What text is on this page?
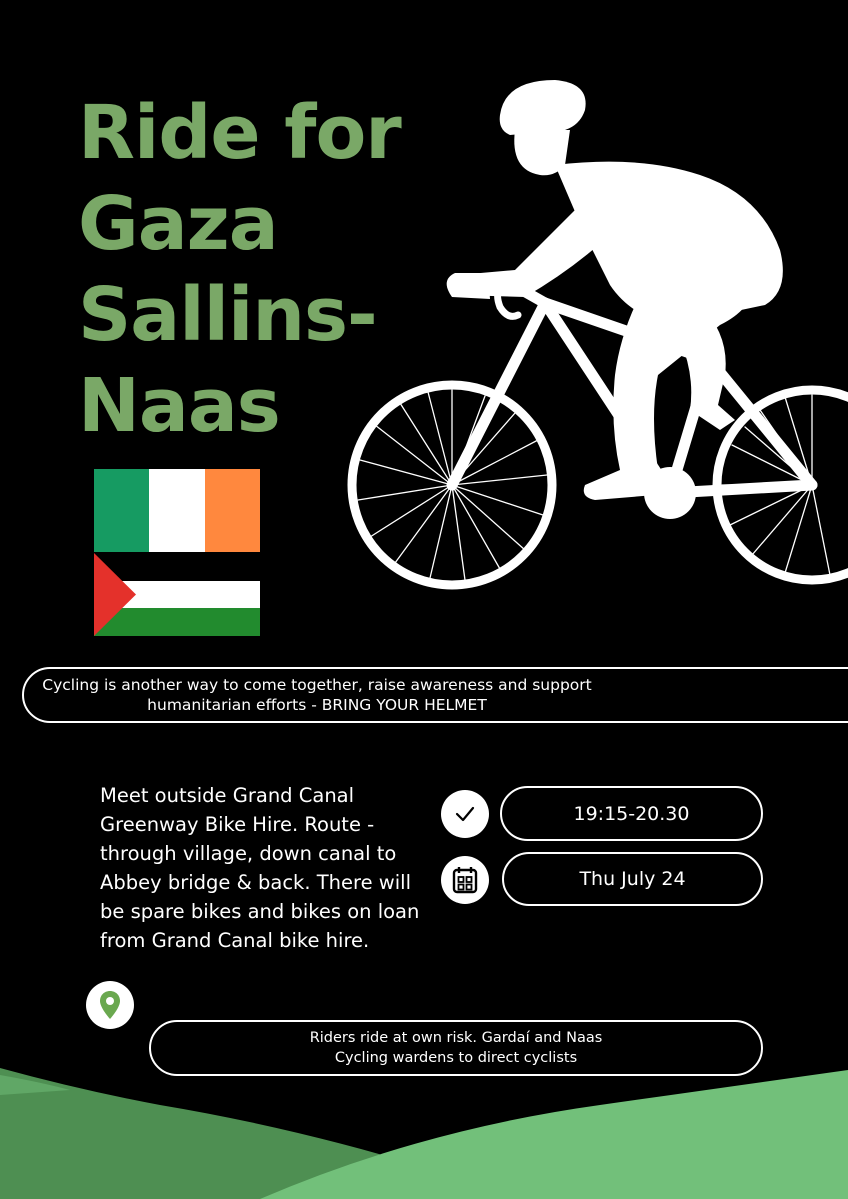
Ride for
Gaza
Sallins-
Naas
Cycling is another way to come together, raise awareness and support humanitarian efforts - BRING YOUR HELMET

Meet outside Grand Canal Greenway Bike Hire. Route - through village, down canal to Abbey bridge & back. There will be spare bikes and bikes on loan from Grand Canal bike hire.

19:15-20.30
Thu July 24
Riders ride at own risk. Gardaí and Naas Cycling wardens to direct cyclists
